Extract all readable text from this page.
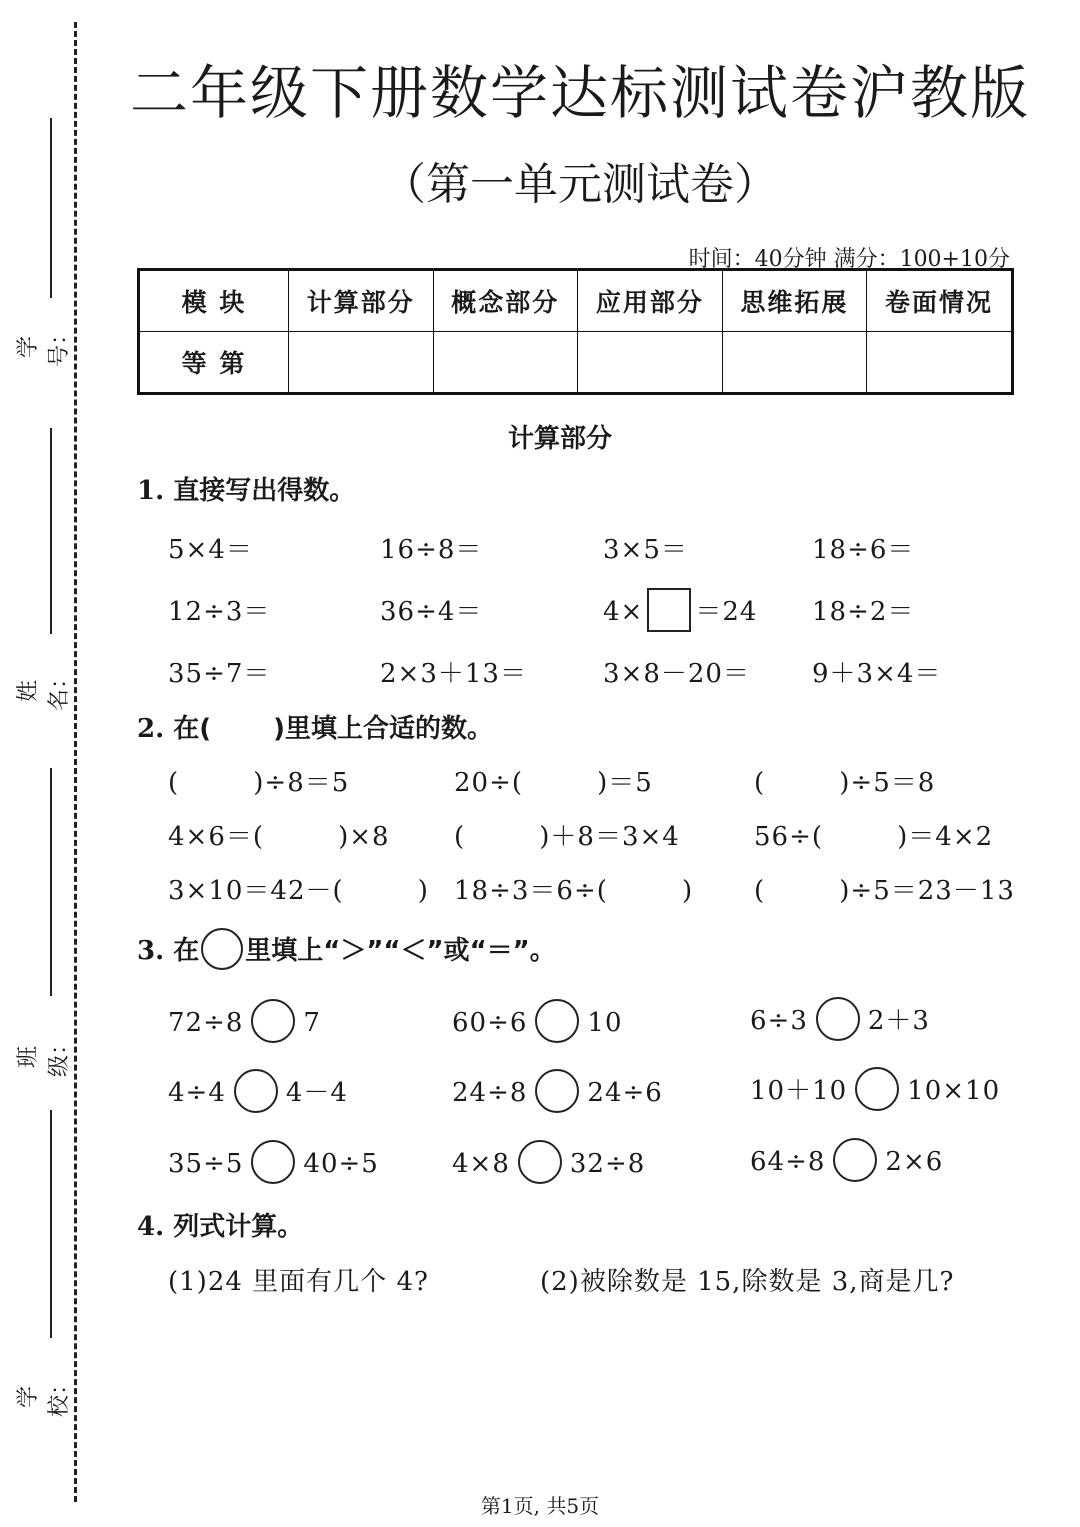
学号：
姓名：
班级：
学校：
二年级下册数学达标测试卷沪教版
（第一单元测试卷）
时间：40分钟 满分：100+10分
模 块	计算部分	概念部分	应用部分	思维拓展	卷面情况
等 第					
计算部分
1. 直接写出得数。
5×4＝	16÷8＝	3×5＝	18÷6＝
12÷3＝	36÷4＝	4× ＝24 18÷2＝
35÷7＝	2×3＋13＝	3×8－20＝ 9＋3×4＝
2. 在( )里填上合适的数。
(        )÷8＝5	20÷(        )＝5	(        )÷5＝8
4×6＝(        )×8 (        )＋8＝3×4	56÷(        )＝4×2
3×10＝42－(        ) 18÷3＝6÷(        ) (        )÷5＝23－13
3. 在 里填上“＞”“＜”或“＝”。
72÷8 7	60÷6 10	6÷3 2＋3
4÷4 4－4	24÷8 24÷6	10＋10 10×10
35÷5 40÷5	4×8 32÷8	64÷8 2×6
4. 列式计算。
(1)24 里面有几个 4?	(2)被除数是 15,除数是 3,商是几?
第1页, 共5页
